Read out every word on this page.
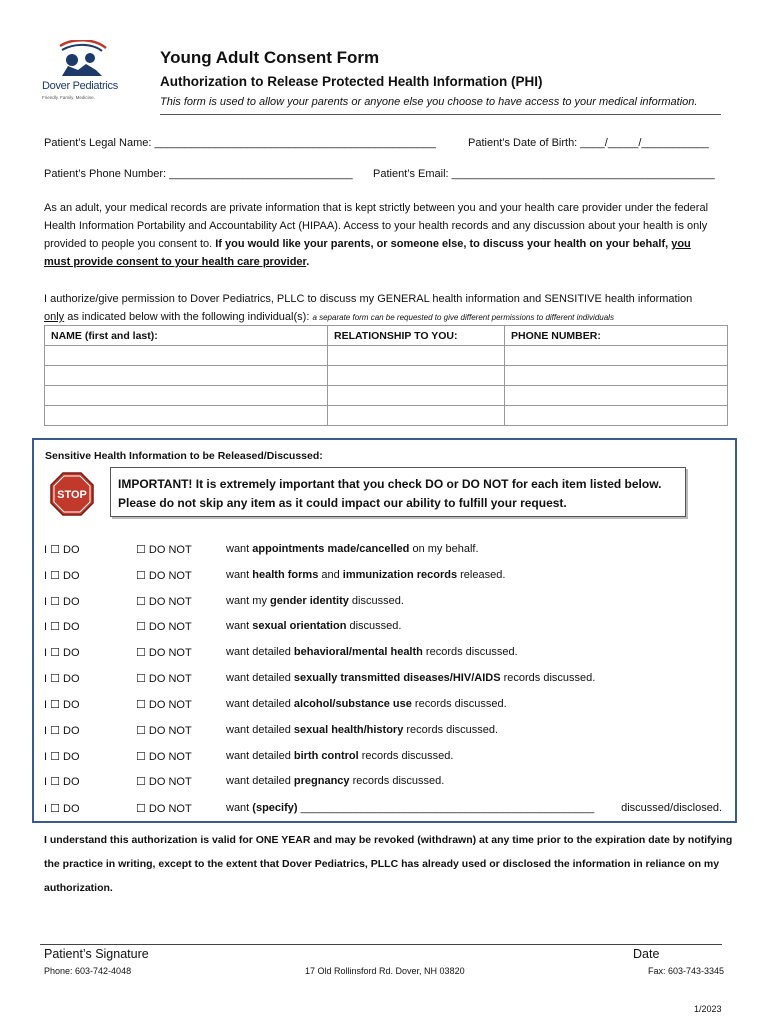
Dover Pediatrics
Friendly. Family. Medicine.
Young Adult Consent Form
Authorization to Release Protected Health Information (PHI)
This form is used to allow your parents or anyone else you choose to have access to your medical information.
Patient’s Legal Name: ______________________________________________	Patient’s Date of Birth: ____/_____/___________
Patient’s Phone Number: ______________________________ Patient’s Email: ___________________________________________
As an adult, your medical records are private information that is kept strictly between you and your health care provider under the federal Health Information Portability and Accountability Act (HIPAA). Access to your health records and any discussion about your health is only provided to people you consent to. If you would like your parents, or someone else, to discuss your health on your behalf, you must provide consent to your health care provider.
I authorize/give permission to Dover Pediatrics, PLLC to discuss my GENERAL health information and SENSITIVE health information
only as indicated below with the following individual(s): a separate form can be requested to give different permissions to different individuals
NAME (first and last):	RELATIONSHIP TO YOU:	PHONE NUMBER:

Sensitive Health Information to be Released/Discussed:
STOP
IMPORTANT! It is extremely important that you check DO or DO NOT for each item listed below.
Please do not skip any item as it could impact our ability to fulfill your request.
I ☐ DO	☐ DO NOT	want appointments made/cancelled on my behalf.
I ☐ DO	☐ DO NOT	want health forms and immunization records released.
I ☐ DO	☐ DO NOT	want my gender identity discussed.
I ☐ DO	☐ DO NOT	want sexual orientation discussed.
I ☐ DO	☐ DO NOT	want detailed behavioral/mental health records discussed.
I ☐ DO	☐ DO NOT	want detailed sexually transmitted diseases/HIV/AIDS records discussed.
I ☐ DO	☐ DO NOT	want detailed alcohol/substance use records discussed.
I ☐ DO	☐ DO NOT	want detailed sexual health/history records discussed.
I ☐ DO	☐ DO NOT	want detailed birth control records discussed.
I ☐ DO	☐ DO NOT	want detailed pregnancy records discussed.
I ☐ DO	☐ DO NOT	want (specify) ________________________________________________ discussed/disclosed.
I understand this authorization is valid for ONE YEAR and may be revoked (withdrawn) at any time prior to the expiration date by notifying the practice in writing, except to the extent that Dover Pediatrics, PLLC has already used or disclosed the information in reliance on my authorization.
Patient’s Signature	Date
Phone: 603-742-4048	17 Old Rollinsford Rd. Dover, NH 03820	Fax: 603-743-3345
1/2023
